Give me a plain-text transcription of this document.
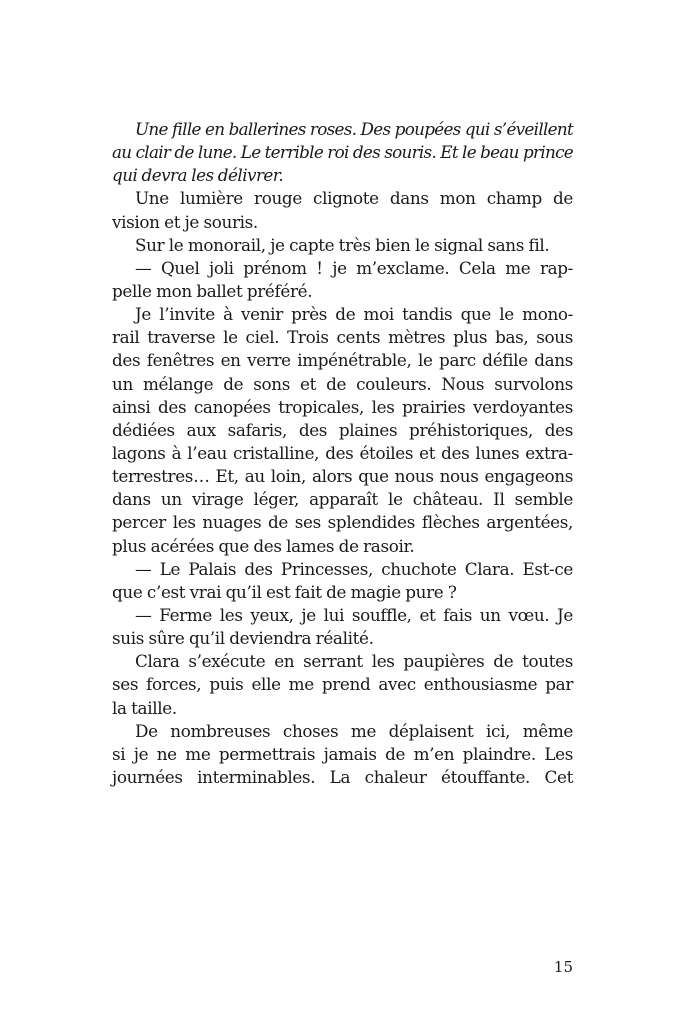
Une fille en ballerines roses. Des poupées qui s’éveillent
au clair de lune. Le terrible roi des souris. Et le beau prince
qui devra les délivrer.
Une lumière rouge clignote dans mon champ de
vision et je souris.
Sur le monorail, je capte très bien le signal sans fil.
— Quel joli prénom ! je m’exclame. Cela me rap-
pelle mon ballet préféré.
Je l’invite à venir près de moi tandis que le mono-
rail traverse le ciel. Trois cents mètres plus bas, sous
des fenêtres en verre impénétrable, le parc défile dans
un mélange de sons et de couleurs. Nous survolons
ainsi des canopées tropicales, les prairies verdoyantes
dédiées aux safaris, des plaines préhistoriques, des
lagons à l’eau cristalline, des étoiles et des lunes extra-
terrestres… Et, au loin, alors que nous nous engageons
dans un virage léger, apparaît le château. Il semble
percer les nuages de ses splendides flèches argentées,
plus acérées que des lames de rasoir.
— Le Palais des Princesses, chuchote Clara. Est-ce
que c’est vrai qu’il est fait de magie pure ?
— Ferme les yeux, je lui souffle, et fais un vœu. Je
suis sûre qu’il deviendra réalité.
Clara s’exécute en serrant les paupières de toutes
ses forces, puis elle me prend avec enthousiasme par
la taille.
De nombreuses choses me déplaisent ici, même
si je ne me permettrais jamais de m’en plaindre. Les
journées interminables. La chaleur étouffante. Cet
15
